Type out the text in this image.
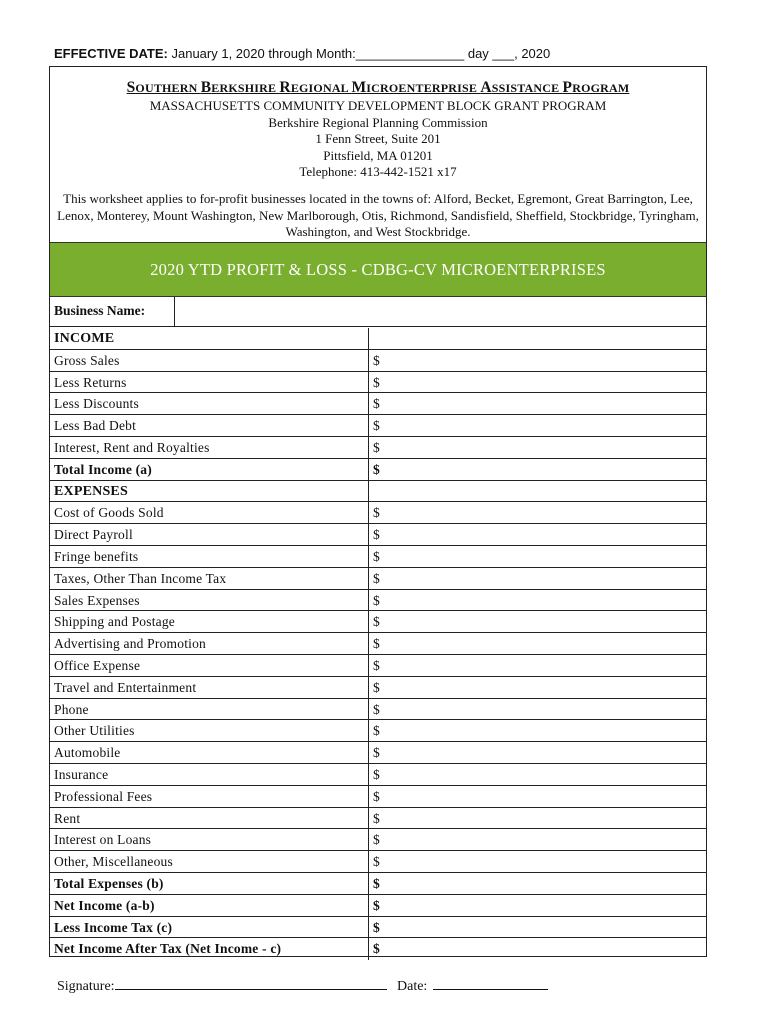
EFFECTIVE DATE: January 1, 2020 through Month:_______________ day ___, 2020
SOUTHERN BERKSHIRE REGIONAL MICROENTERPRISE ASSISTANCE PROGRAM
MASSACHUSETTS COMMUNITY DEVELOPMENT BLOCK GRANT PROGRAM
Berkshire Regional Planning Commission
1 Fenn Street, Suite 201
Pittsfield, MA 01201
Telephone: 413-442-1521 x17
This worksheet applies to for-profit businesses located in the towns of: Alford, Becket, Egremont, Great Barrington, Lee, Lenox, Monterey, Mount Washington, New Marlborough, Otis, Richmond, Sandisfield, Sheffield, Stockbridge, Tyringham, Washington, and West Stockbridge.
2020 YTD PROFIT & LOSS - CDBG-CV MICROENTERPRISES
Business Name:
INCOME
Gross Sales	$
Less Returns	$
Less Discounts	$
Less Bad Debt	$
Interest, Rent and Royalties	$
Total Income (a)	$
EXPENSES
Cost of Goods Sold	$
Direct Payroll	$
Fringe benefits	$
Taxes, Other Than Income Tax	$
Sales Expenses	$
Shipping and Postage	$
Advertising and Promotion	$
Office Expense	$
Travel and Entertainment	$
Phone	$
Other Utilities	$
Automobile	$
Insurance	$
Professional Fees	$
Rent	$
Interest on Loans	$
Other, Miscellaneous	$
Total Expenses (b)	$
Net Income (a-b)	$
Less Income Tax (c)	$
Net Income After Tax (Net Income - c)	$
Signature:	Date:
